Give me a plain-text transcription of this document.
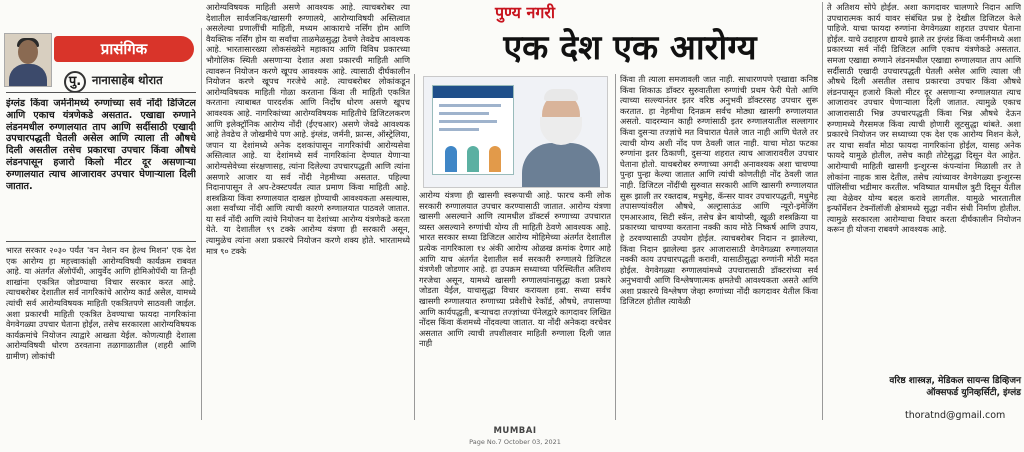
पुण्य नगरी
एक देश एक आरोग्य
प्रासंगिक
पु. नानासाहेब थोरात
इंग्लंड किंवा जर्मनीमध्ये रुग्णांच्या सर्व नोंदी डिजिटल आणि एकाच यंत्रणेकडे असतात. एखाद्या रुग्णाने लंडनमधील रुग्णालयात ताप आणि सर्दीसाठी एखादी उपचारपद्धती घेतली असेल आणि त्याला ती औषधे दिली असतील तसेच प्रकारचा उपचार किंवा औषधे लंडनपासून हजारो किलो मीटर दूर असणाऱ्या रुग्णालयात त्याच आजारावर उपचार घेणाऱ्याला दिली जातात.
भारत सरकार २०३० पर्यंत 'वन नेशन वन हेल्थ मिशन' एक देश एक आरोग्य हा महत्त्वाकांक्षी आरोग्यविषयी कार्यक्रम राबवत आहे. या अंतर्गत ॲलोपॅथी, आयुर्वेद आणि होमिओपॅथी या तिन्ही शाखांना एकत्रित जोडण्याचा विचार सरकार करत आहे. त्याचबरोबर देशातील सर्व नागरिकांचे आरोग्य कार्ड असेल, यामध्ये त्यांची सर्व आरोग्यविषयक माहिती एकत्रितपणे साठवली जाईल. अशा प्रकारची माहिती एकत्रित ठेवण्याचा फायदा नागरिकांना वेगवेगळ्या उपचार घेताना होईल, तसेच सरकारला आरोग्यविषयक कार्यक्रमांचे नियोजन त्याद्वारे आखता येईल. कोणत्याही देशाला आरोग्यविषयी धोरण ठरवताना तळागाळातील (शहरी आणि ग्रामीण) लोकांची
आरोग्यविषयक माहिती असणे आवश्यक आहे. त्याचबरोबर त्या देशातील सार्वजनिक/खासगी रुग्णालये, आरोग्याविषयी अस्तित्वात असलेल्या प्रणालींची माहिती, मध्यम आकाराचे नर्सिंग होम आणि वैयक्तिक नर्सिंग होम या सर्वांचा ताळमेळसुद्धा ठेवणे तेवढेच आवश्यक आहे. भारतासारख्या लोकसंख्येने महाकाय आणि विविध प्रकारच्या भौगोलिक स्थिती असणाऱ्या देशात अशा प्रकारची माहिती आणि त्यावरून नियोजन करणे खूपच आवश्यक आहे. त्यासाठी दीर्घकालीन नियोजन करणे खूपच गरजेचे आहे. त्याचबरोबर लोकांकडून आरोग्यविषयक माहिती गोळा करताना किंवा ती माहिती एकत्रित करताना त्याबाबत पारदर्शक आणि निर्दोष धोरण असणे खूपच आवश्यक आहे. नागरिकांच्या आरोग्यविषयक माहितीचे डिजिटलकरण आणि इलेक्ट्रॉनिक आरोग्य नोंदी (ईएचआर) असणे जेवढे आवश्यक आहे तेवढेच ते जोखमीचे पण आहे. इंग्लंड, जर्मनी, फ्रान्स, ऑस्ट्रेलिया, जपान या देशांमध्ये अनेक दशकांपासून नागरिकांची आरोग्यसेवा अस्तित्वात आहे. या देशांमध्ये सर्व नागरिकांना देण्यात येणाऱ्या आरोग्यसेवेच्या संरक्षणासह, त्यांना दिलेल्या उपचारपद्धती आणि त्यांना असणारे आजार या सर्व नोंदी नेहमीच्या असतात. पहिल्या निदानापासून ते अप-टेक्स्टपर्यंत त्यात प्रमाण किंवा माहिती आहे. शस्त्रक्रिया किंवा रुग्णालयात दाखल होण्याची आवश्यकता असल्यास, अशा सर्वांच्या नोंदी आणि त्याची कारणे रुग्णालयात पाठवले जातात. या सर्व नोंदी आणि त्यांचे नियोजन या देशांच्या आरोग्य यंत्रणेकडे करता येते. या देशातील ९९ टक्के आरोग्य यंत्रणा ही सरकारी असून, त्यामुळेच त्यांना अशा प्रकारचे नियोजन करणे शक्य होते. भारतामध्ये मात्र ९० टक्के
आरोग्य यंत्रणा ही खासगी स्वरूपाची आहे. फारच कमी लोक सरकारी रुग्णालयात उपचार करण्यासाठी जातात. आरोग्य यंत्रणा खासगी असल्याने आणि त्यामधील डॉक्टर्स रुग्णाच्या उपचारात व्यस्त असल्याने रुग्णांची योग्य ती माहिती ठेवणे आवश्यक आहे. भारत सरकार सध्या डिजिटल आरोग्य मोहिमेच्या अंतर्गत देशातील प्रत्येक नागरिकाला १४ अंकी आरोग्य ओळख क्रमांक देणार आहे आणि याच अंतर्गत देशातील सर्व सरकारी रुग्णालये डिजिटल यंत्रणेशी जोडणार आहे. हा उपक्रम सध्याच्या परिस्थितीत अतिशय गरजेचा असून, यामध्ये खासगी रुग्णालयांनासुद्धा कशा प्रकारे जोडता येईल, याचासुद्धा विचार करायला हवा. सध्या सर्वच खासगी रुग्णालयात रुग्णाच्या प्रवेशीचे रेकॉर्ड, औषधे, तपासण्या आणि कार्यपद्धती, बऱ्याचदा तज्ज्ञांच्या पॅनेलद्वारे कागदावर लिखित नोंदस किंवा कॅशमध्ये नोंदवल्या जातात. या नोंदी अनेकदा वरचेवर असतात आणि त्याची तपशीलवार माहिती रुग्णाला दिली जात नाही
किंवा ती त्याला समजावली जात नाही. साधारणपणे एखाद्या कनिष्ठ किंवा शिकाऊ डॉक्टर सुरुवातीला रुग्णांची प्रथम फेरी घेतो आणि त्याच्या सल्ल्यानंतर इतर वरिष्ठ अनुभवी डॉक्टरसह उपचार सुरू करतात. हा नेहमीचा दिनक्रम सर्वच मोठ्या खासगी रुग्णालयात असतो. यादरम्यान काही रुग्णांसाठी इतर रुग्णालयातील सल्लागार किंवा दुसऱ्या तज्ज्ञांचे मत विचारात घेतले जात नाही आणि घेतले तर त्याची योग्य अशी नोंद पण ठेवली जात नाही. याचा मोठा फटका रुग्णांना इतर ठिकाणी, दुसऱ्या शहरात त्याच आजारावरील उपचार घेताना होतो. याचबरोबर रुग्णाच्या अगदी अनावश्यक अशा चाचण्या पुन्हा पुन्हा केल्या जातात आणि त्यांची कोणतीही नोंद ठेवली जात नाही. डिजिटल नोंदींची सुरुवात सरकारी आणि खासगी रुग्णालयात सुरू झाली तर रक्तदाब, मधुमेह, कॅन्सर यावर उपचारपद्धती, मधुमेह तपासण्यांवरील औषधे, अल्ट्रासाऊंड आणि न्यूरो-इमेजिंग एमआरआय, सिटी स्कॅन, तसेच ब्रेन बायोप्सी, खूळी शस्त्रक्रिया या प्रकारच्या चाचण्या करताना नक्की काय मोठे निष्कर्ष आणि उपाय, हे ठरवण्यासाठी उपयोग होईल. त्याचबरोबर निदान न झालेल्या, किंवा निदान झालेल्या इतर आजारासाठी वेगवेगळ्या रुग्णालयात नक्की काय उपचारपद्धती करावी, यासाठीसुद्धा रुग्णांनी मोठी मदत होईल. वेगवेगळ्या रुग्णालयांमध्ये उपचारासाठी डॉक्टरांच्या सर्व अनुभवाची आणि विश्लेषणात्मक क्षमतेची आवश्यकता असते आणि अशा प्रकारचे विश्लेषण जेव्हा रुग्णांच्या नोंदी कागदावर येतील किंवा डिजिटल होतील त्यावेळी
ते अतिशय सोपे होईल. अशा कागदावर चालणारे निदान आणि उपचारात्मक कार्य यावर संबंधित प्रश्न हे देखील डिजिटल केले पाहिजे. याचा फायदा रुग्णांना वेगवेगळ्या शहरात उपचार घेताना होईल. याचे उदाहरण द्यायचे झाले तर इंग्लंड किंवा जर्मनीमध्ये अशा प्रकारच्या सर्व नोंदी डिजिटल आणि एकाच यंत्रणेकडे असतात. समजा एखाद्या रुग्णाने लंडनमधील एखाद्या रुग्णालयात ताप आणि सर्दीसाठी एखादी उपचारपद्धती घेतली असेल आणि त्याला जी औषधे दिली असतील तसाच प्रकारचा उपचार किंवा औषधे लंडनपासून हजारो किलो मीटर दूर असणाऱ्या रुग्णालयात त्याच आजारावर उपचार घेणाऱ्याला दिली जातात. त्यामुळे एकाच आजारासाठी भिन्न उपचारपद्धती किंवा भिन्न औषधे देऊन रुग्णामध्ये गैरसमज किंवा त्याची होणारी लूटसुद्धा थांबते. अशा प्रकारचे नियोजन जर सध्याच्या एक देश एक आरोग्य मिशन केले, तर याचा सर्वांत मोठा फायदा नागरिकांना होईल, यासह अनेक फायदे यामुळे होतील, तसेच काही तोटेसुद्धा दिसून येत आहेत. आरोग्याची माहिती खासगी इन्शुरन्स कंपन्यांना मिळाली तर ते लोकांना नाहक त्रास देतील, तसेच त्यांच्यावर वेगवेगळ्या इन्शुरन्स पॉलिसींचा भडीमार करतील. भविष्यात यामधील त्रुटी दिसून येतील त्या वेळेवर योग्य बदल करावे लागतील. यामुळे भारतातील इन्फॉर्मेशन टेक्नॉलॉजी क्षेत्रामध्ये सुद्धा नवीन संधी निर्माण होतील. त्यामुळे सरकारला आरोग्याचा विचार करता दीर्घकालीन नियोजन करून ही योजना राबवणे आवश्यक आहे.
वरिष्ठ शास्त्रज्ञ, मेडिकल सायन्स डिव्हिजन
ऑक्सफर्ड युनिव्हर्सिटी, इंग्लंड
thoratnd@gmail.com
MUMBAI
Page No.7 October 03, 2021
